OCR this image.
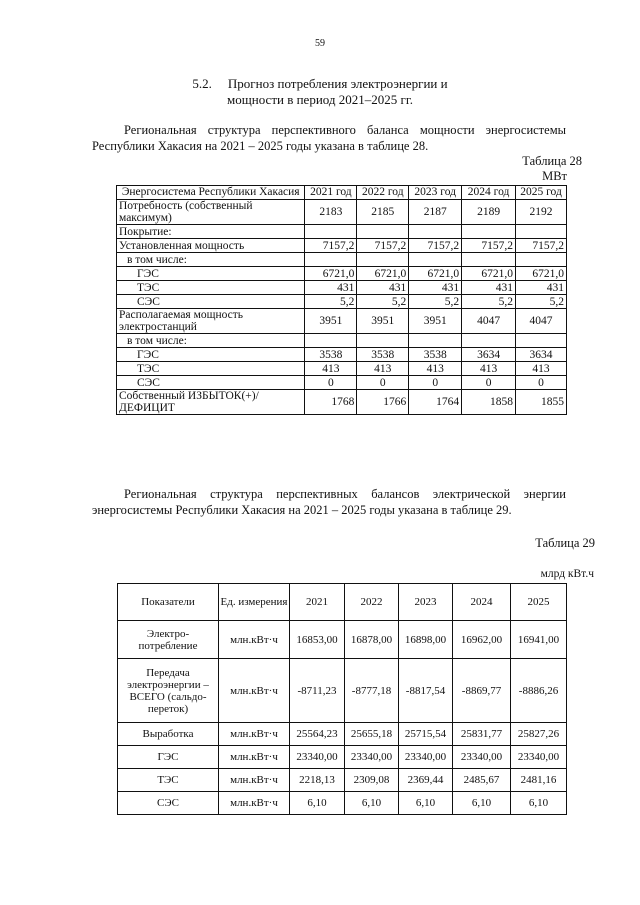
59
5.2. Прогноз потребления электроэнергии и
мощности в период 2021–2025 гг.
Региональная структура перспективного баланса мощности энергосистемы
Республики Хакасия на 2021 – 2025 годы указана в таблице 28.
Таблица 28
МВт
Энергосистема Республики Хакасия	2021 год	2022 год	2023 год	2024 год	2025 год
Потребность (собственный максимум)	2183	2185	2187	2189	2192
Покрытие:					
Установленная мощность	7157,2	7157,2	7157,2	7157,2	7157,2
в том числе:					
ГЭС	6721,0	6721,0	6721,0	6721,0	6721,0
ТЭС	431	431	431	431	431
СЭС	5,2	5,2	5,2	5,2	5,2
Располагаемая мощность электростанций	3951	3951	3951	4047	4047
в том числе:					
ГЭС	3538	3538	3538	3634	3634
ТЭС	413	413	413	413	413
СЭС	0	0	0	0	0
Собственный ИЗБЫТОК(+)/ДЕФИЦИТ	1768	1766	1764	1858	1855
Региональная структура перспективных балансов электрической энергии
энергосистемы Республики Хакасия на 2021 – 2025 годы указана в таблице 29.
Таблица 29
млрд кВт.ч
Показатели	Ед. измерения	2021	2022	2023	2024	2025
Электро-потребление	млн.кВт·ч	16853,00	16878,00	16898,00	16962,00	16941,00
Передача электроэнергии – ВСЕГО (сальдо-переток)	млн.кВт·ч	-8711,23	-8777,18	-8817,54	-8869,77	-8886,26
Выработка	млн.кВт·ч	25564,23	25655,18	25715,54	25831,77	25827,26
ГЭС	млн.кВт·ч	23340,00	23340,00	23340,00	23340,00	23340,00
ТЭС	млн.кВт·ч	2218,13	2309,08	2369,44	2485,67	2481,16
СЭС	млн.кВт·ч	6,10	6,10	6,10	6,10	6,10
